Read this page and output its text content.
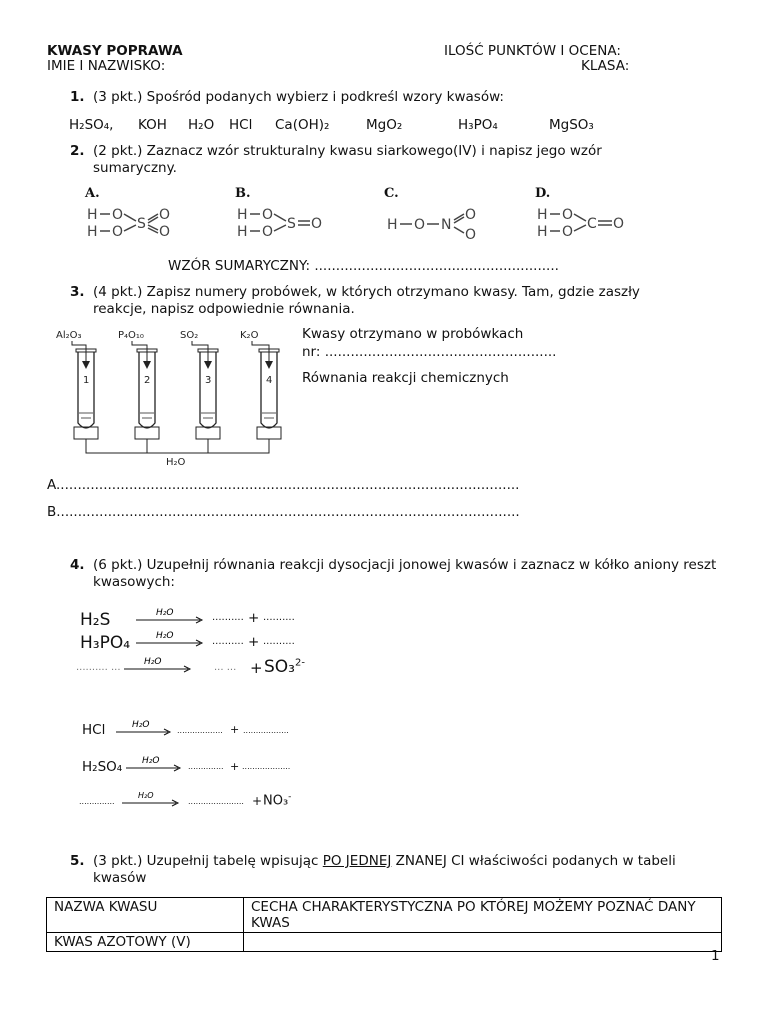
KWASY POPRAWA	ILOŚĆ PUNKTÓW I OCENA:
IMIE I NAZWISKO:	KLASA:
1. (3 pkt.) Spośród podanych wybierz i podkreśl wzory kwasów:
H₂SO₄, KOH H₂O HCl Ca(OH)₂	MgO₂	H₃PO₄	MgSO₃
2. (2 pkt.) Zaznacz wzór strukturalny kwasu siarkowego(IV) i napisz jego wzór sumaryczny.
A.	B.	C.	D.
H
H
O
O S
O
O
H
H
O
O S O	H O N
O
O
H
H
O
O C O
WZÓR SUMARYCZNY: .........................................................
3. (4 pkt.) Zapisz numery probówek, w których otrzymano kwasy. Tam, gdzie zaszły reakcje, napisz odpowiednie równania.
Al₂O₃	P₄O₁₀	SO₂	K₂O
1	2	3	4
H₂O
Kwasy otrzymano w probówkach
nr: ......................................................
Równania reakcji chemicznych
A............................................................................................................
B............................................................................................................
4. (6 pkt.) Uzupełnij równania reakcji dysocjacji jonowej kwasów i zaznacz w kółko aniony reszt kwasowych:
H₂S	H₂O	.......... + ..........
H₃PO₄	H₂O	.......... + ..........
.......... ...	H₂O	... ... + SO₃$^{2-}$
HCl	H₂O
.................. + ..................
H₂SO₄ H₂O
.............. + ...................
..............
H₂O
...................... + NO₃-
5. (3 pkt.) Uzupełnij tabelę wpisując PO JEDNEJ ZNANEJ CI właściwości podanych w tabeli kwasów
NAZWA KWASU	CECHA CHARAKTERYSTYCZNA PO KTÓREJ MOŻEMY POZNAĆ DANY KWAS
KWAS AZOTOWY (V)	
1
